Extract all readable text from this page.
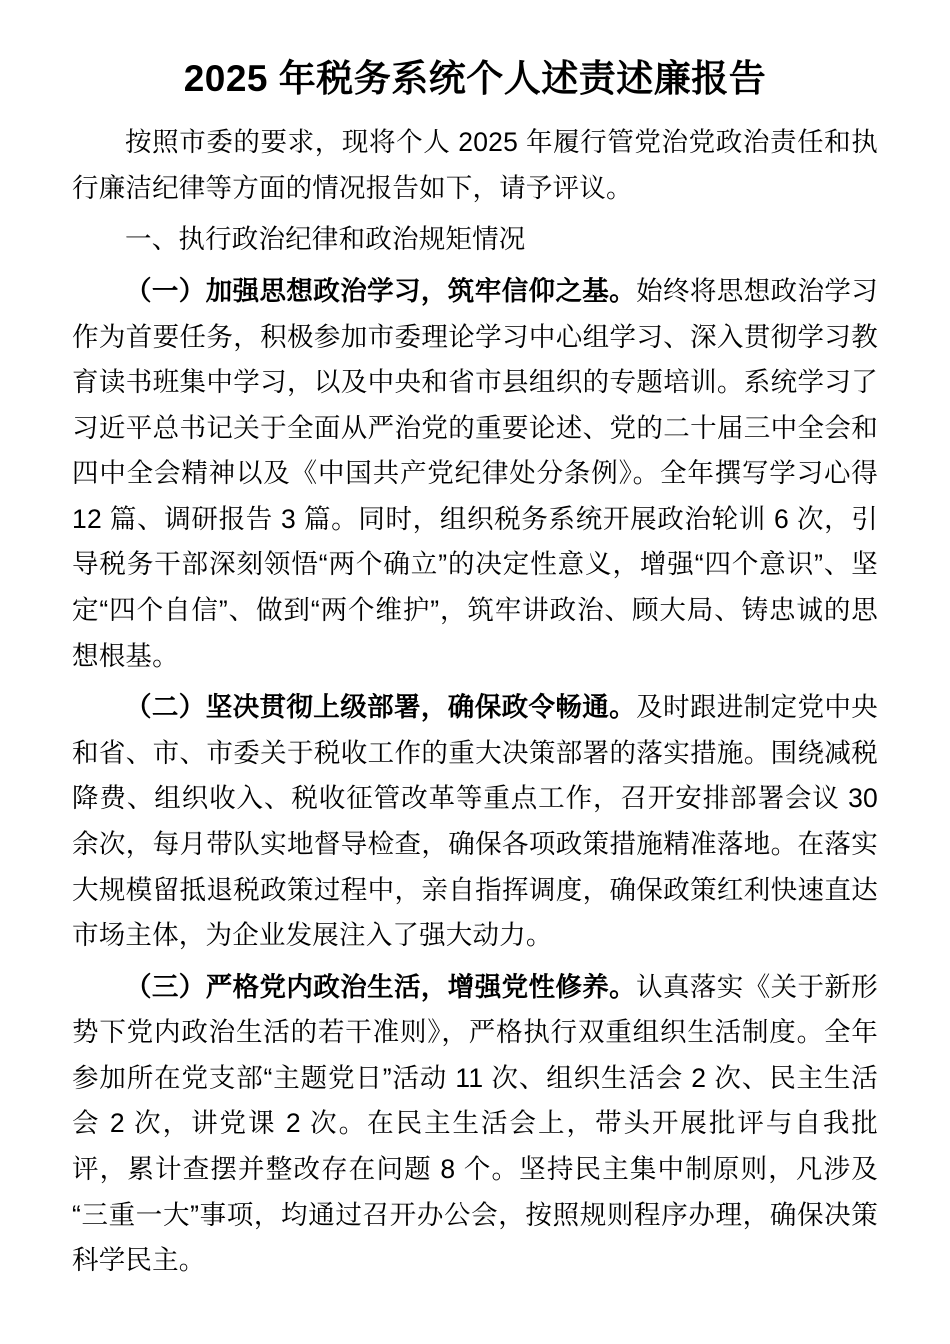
2025 年税务系统个人述责述廉报告

按照市委的要求，现将个人 2025 年履行管党治党政治责任和执行廉洁纪律等方面的情况报告如下，请予评议。

一、执行政治纪律和政治规矩情况

（一）加强思想政治学习，筑牢信仰之基。始终将思想政治学习作为首要任务，积极参加市委理论学习中心组学习、深入贯彻学习教育读书班集中学习，以及中央和省市县组织的专题培训。系统学习了习近平总书记关于全面从严治党的重要论述、党的二十届三中全会和四中全会精神以及《中国共产党纪律处分条例》。全年撰写学习心得 12 篇、调研报告 3 篇。同时，组织税务系统开展政治轮训 6 次，引导税务干部深刻领悟“两个确立”的决定性意义，增强“四个意识”、坚定“四个自信”、做到“两个维护”，筑牢讲政治、顾大局、铸忠诚的思想根基。

（二）坚决贯彻上级部署，确保政令畅通。及时跟进制定党中央和省、市、市委关于税收工作的重大决策部署的落实措施。围绕减税降费、组织收入、税收征管改革等重点工作，召开安排部署会议 30 余次，每月带队实地督导检查，确保各项政策措施精准落地。在落实大规模留抵退税政策过程中，亲自指挥调度，确保政策红利快速直达市场主体，为企业发展注入了强大动力。

（三）严格党内政治生活，增强党性修养。认真落实《关于新形势下党内政治生活的若干准则》，严格执行双重组织生活制度。全年参加所在党支部“主题党日”活动 11 次、组织生活会 2 次、民主生活会 2 次，讲党课 2 次。在民主生活会上，带头开展批评与自我批评，累计查摆并整改存在问题 8 个。坚持民主集中制原则，凡涉及“三重一大”事项，均通过召开办公会，按照规则程序办理，确保决策科学民主。
